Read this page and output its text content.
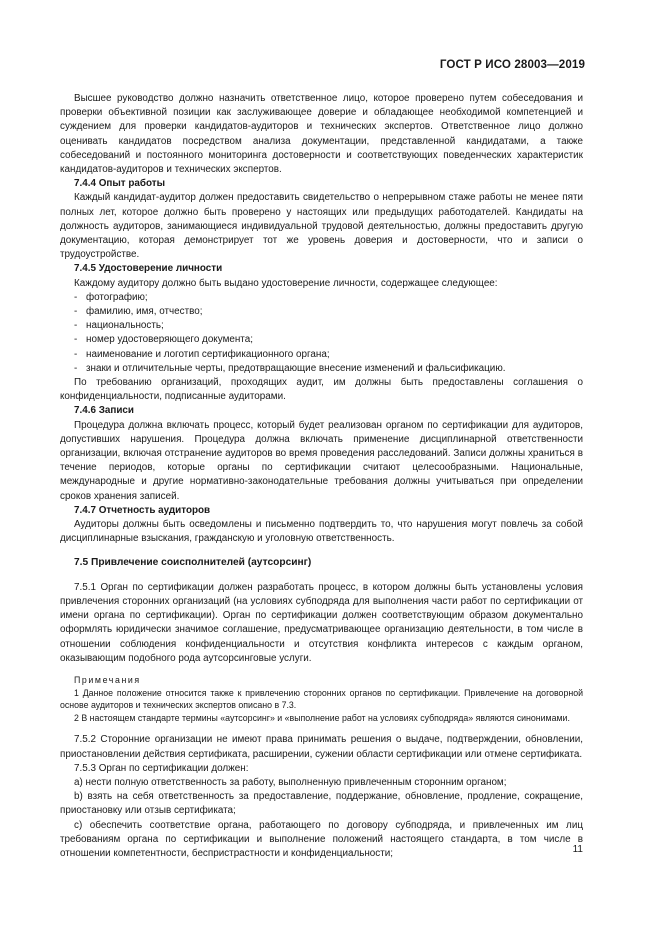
ГОСТ Р ИСО 28003—2019

Высшее руководство должно назначить ответственное лицо, которое проверено путем собеседования и проверки объективной позиции как заслуживающее доверие и обладающее необходимой компетенцией и суждением для проверки кандидатов-аудиторов и технических экспертов. Ответственное лицо должно оценивать кандидатов посредством анализа документации, представленной кандидатами, а также собеседований и постоянного мониторинга достоверности и соответствующих поведенческих характеристик кандидатов-аудиторов и технических экспертов.

7.4.4 Опыт работы

Каждый кандидат-аудитор должен предоставить свидетельство о непрерывном стаже работы не менее пяти полных лет, которое должно быть проверено у настоящих или предыдущих работодателей. Кандидаты на должность аудиторов, занимающиеся индивидуальной трудовой деятельностью, должны предоставить другую документацию, которая демонстрирует тот же уровень доверия и достоверности, что и записи о трудоустройстве.

7.4.5 Удостоверение личности

Каждому аудитору должно быть выдано удостоверение личности, содержащее следующее:

- фотографию;

- фамилию, имя, отчество;

- национальность;

- номер удостоверяющего документа;

- наименование и логотип сертификационного органа;

- знаки и отличительные черты, предотвращающие внесение изменений и фальсификацию.

По требованию организаций, проходящих аудит, им должны быть предоставлены соглашения о конфиденциальности, подписанные аудиторами.

7.4.6 Записи

Процедура должна включать процесс, который будет реализован органом по сертификации для аудиторов, допустивших нарушения. Процедура должна включать применение дисциплинарной ответственности организации, включая отстранение аудиторов во время проведения расследований. Записи должны храниться в течение периодов, которые органы по сертификации считают целесообразными. Национальные, международные и другие нормативно-законодательные требования должны учитываться при определении сроков хранения записей.

7.4.7 Отчетность аудиторов

Аудиторы должны быть осведомлены и письменно подтвердить то, что нарушения могут повлечь за собой дисциплинарные взыскания, гражданскую и уголовную ответственность.

7.5 Привлечение соисполнителей (аутсорсинг)

7.5.1 Орган по сертификации должен разработать процесс, в котором должны быть установлены условия привлечения сторонних организаций (на условиях субподряда для выполнения части работ по сертификации от имени органа по сертификации). Орган по сертификации должен соответствующим образом документально оформлять юридически значимое соглашение, предусматривающее организацию деятельности, в том числе в отношении соблюдения конфиденциальности и отсутствия конфликта интересов с каждым органом, оказывающим подобного рода аутсорсинговые услуги.

Примечания

1 Данное положение относится также к привлечению сторонних органов по сертификации. Привлечение на договорной основе аудиторов и технических экспертов описано в 7.3.

2 В настоящем стандарте термины «аутсорсинг» и «выполнение работ на условиях субподряда» являются синонимами.

7.5.2 Сторонние организации не имеют права принимать решения о выдаче, подтверждении, обновлении, приостановлении действия сертификата, расширении, сужении области сертификации или отмене сертификата.

7.5.3 Орган по сертификации должен:

a) нести полную ответственность за работу, выполненную привлеченным сторонним органом;

b) взять на себя ответственность за предоставление, поддержание, обновление, продление, сокращение, приостановку или отзыв сертификата;

c) обеспечить соответствие органа, работающего по договору субподряда, и привлеченных им лиц требованиям органа по сертификации и выполнение положений настоящего стандарта, в том числе в отношении компетентности, беспристрастности и конфиденциальности;	11
